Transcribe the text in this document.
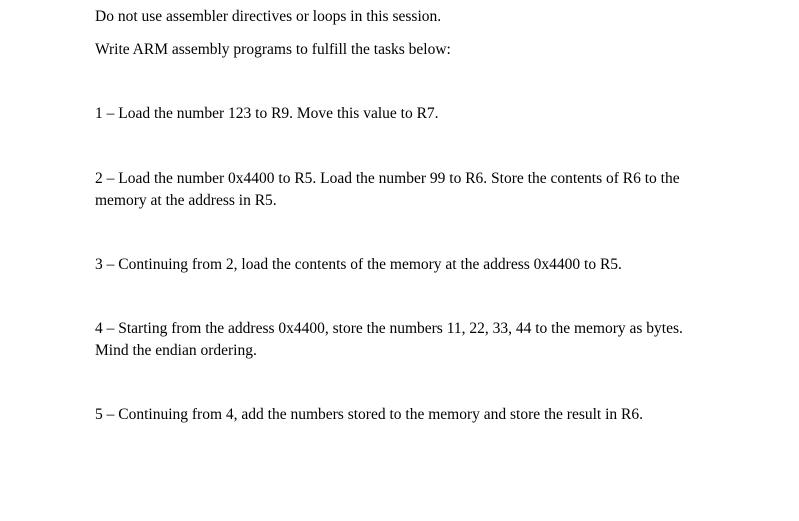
Do not use assembler directives or loops in this session.

Write ARM assembly programs to fulfill the tasks below:

1 – Load the number 123 to R9. Move this value to R7.

2 – Load the number 0x4400 to R5. Load the number 99 to R6. Store the contents of R6 to the memory at the address in R5.

3 – Continuing from 2, load the contents of the memory at the address 0x4400 to R5.

4 – Starting from the address 0x4400, store the numbers 11, 22, 33, 44 to the memory as bytes. Mind the endian ordering.

5 – Continuing from 4, add the numbers stored to the memory and store the result in R6.
